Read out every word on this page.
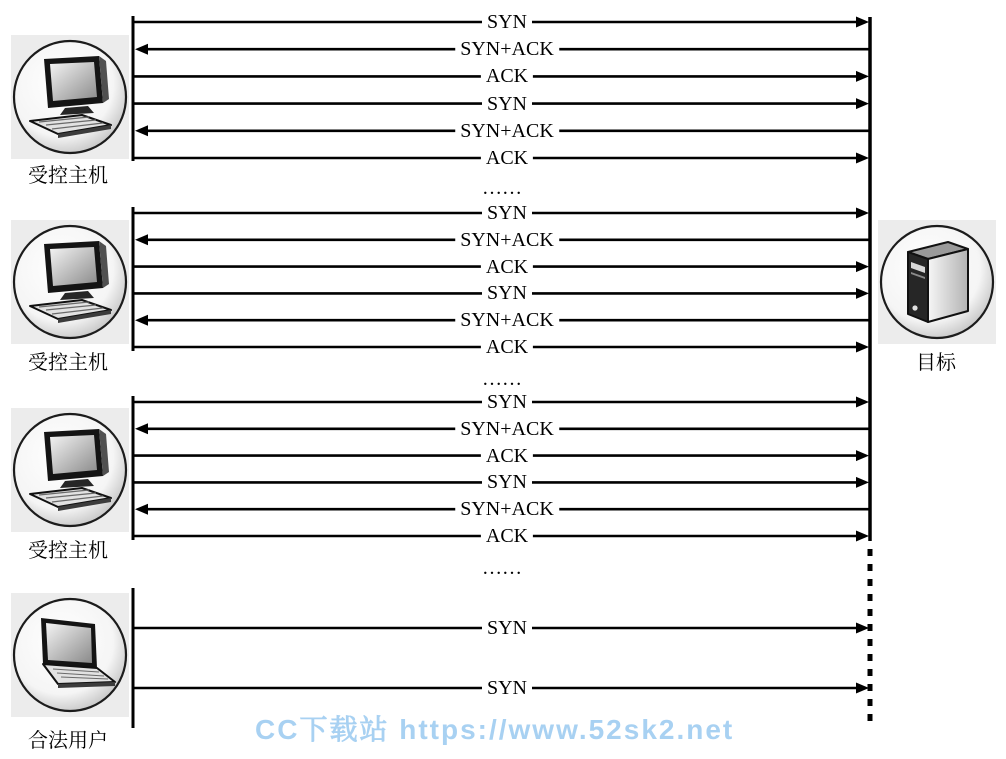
CC下载站 https://www.52sk2.net
SYN
SYN+ACK
ACK
SYN
SYN+ACK
ACK
受控主机
……
SYN
SYN+ACK
ACK
SYN
SYN+ACK
ACK
受控主机
……
SYN
SYN+ACK
ACK
SYN
SYN+ACK
ACK
受控主机
……
SYN
SYN
合法用户
目标
